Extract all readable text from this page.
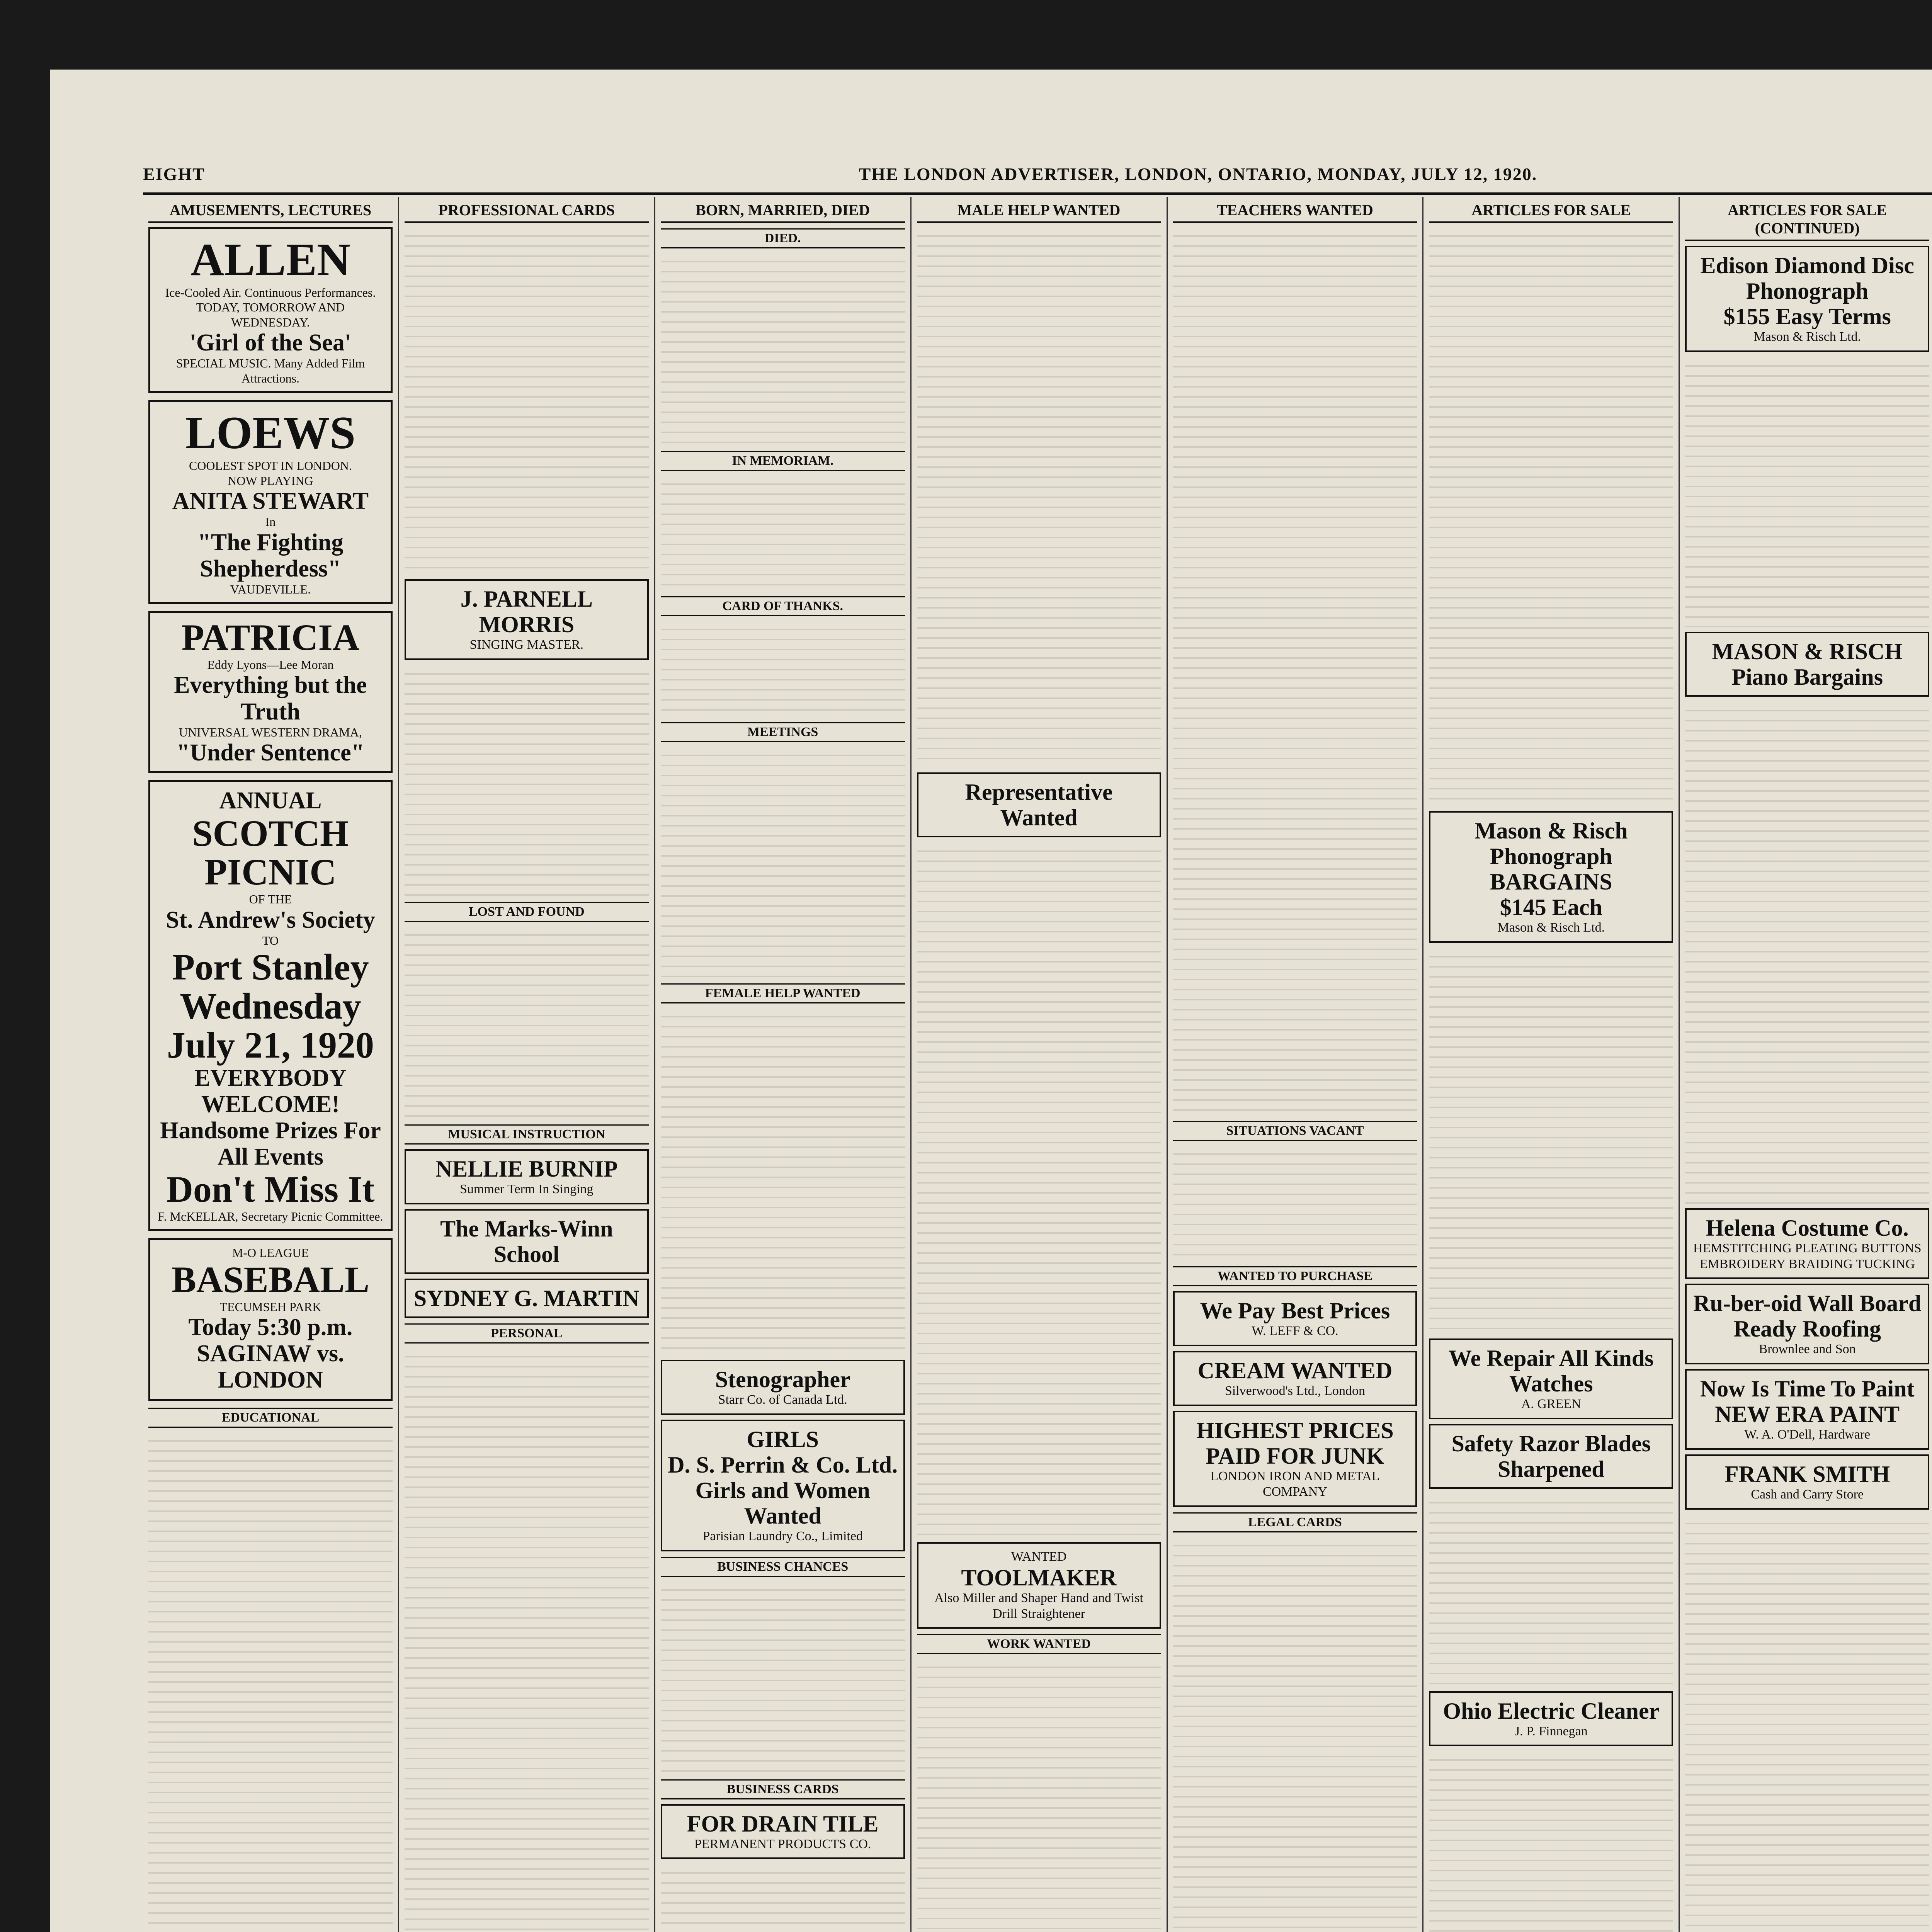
EIGHT	THE LONDON ADVERTISER, LONDON, ONTARIO, MONDAY, JULY 12, 1920.
AMUSEMENTS, LECTURES
ALLEN
Ice-Cooled Air. Continuous Performances.
TODAY, TOMORROW AND WEDNESDAY.
'Girl of the Sea'
SPECIAL MUSIC. Many Added Film Attractions.
LOEWS
COOLEST SPOT IN LONDON.
NOW PLAYING
ANITA STEWART
In
"The Fighting Shepherdess"
VAUDEVILLE.
PATRICIA
Eddy Lyons—Lee Moran
Everything but the Truth
UNIVERSAL WESTERN DRAMA,
"Under Sentence"
ANNUAL
SCOTCH PICNIC
OF THE
St. Andrew's Society
TO
Port Stanley
Wednesday
July 21, 1920
EVERYBODY WELCOME!
Handsome Prizes For All Events
Don't Miss It
F. McKELLAR, Secretary Picnic Committee.
M-O LEAGUE
BASEBALL
TECUMSEH PARK
Today 5:30 p.m.
SAGINAW vs. LONDON
EDUCATIONAL
PROFESSIONAL CARDS
J. PARNELL MORRIS
SINGING MASTER.
LOST AND FOUND
MUSICAL INSTRUCTION
NELLIE BURNIP
Summer Term In Singing
The Marks-Winn School
SYDNEY G. MARTIN
PERSONAL
BORN, MARRIED, DIED
DIED.
IN MEMORIAM.
CARD OF THANKS.
MEETINGS
FEMALE HELP WANTED
Stenographer
Starr Co. of Canada Ltd.
GIRLS
D. S. Perrin & Co. Ltd.
Girls and Women Wanted
Parisian Laundry Co., Limited
BUSINESS CHANCES
BUSINESS CARDS
FOR DRAIN TILE
PERMANENT PRODUCTS CO.
MALE HELP WANTED
Representative Wanted
WANTED
TOOLMAKER
Also Miller and Shaper Hand and Twist Drill Straightener
WORK WANTED
TEACHERS WANTED
SITUATIONS VACANT
WANTED TO PURCHASE
We Pay Best Prices
W. LEFF & CO.
CREAM WANTED
Silverwood's Ltd., London
HIGHEST PRICES PAID FOR JUNK
LONDON IRON AND METAL COMPANY
LEGAL CARDS
ARTICLES FOR SALE
Mason & Risch Phonograph BARGAINS
$145 Each
Mason & Risch Ltd.
We Repair All Kinds Watches
A. GREEN
Safety Razor Blades Sharpened
Ohio Electric Cleaner
J. P. Finnegan
ARTICLES FOR SALE (CONTINUED)
Edison Diamond Disc Phonograph
$155 Easy Terms
Mason & Risch Ltd.
MASON & RISCH Piano Bargains
Helena Costume Co.
HEMSTITCHING PLEATING BUTTONS EMBROIDERY BRAIDING TUCKING
Ru-ber-oid Wall Board Ready Roofing
Brownlee and Son
Now Is Time To Paint
NEW ERA PAINT
W. A. O'Dell, Hardware
FRANK SMITH
Cash and Carry Store
